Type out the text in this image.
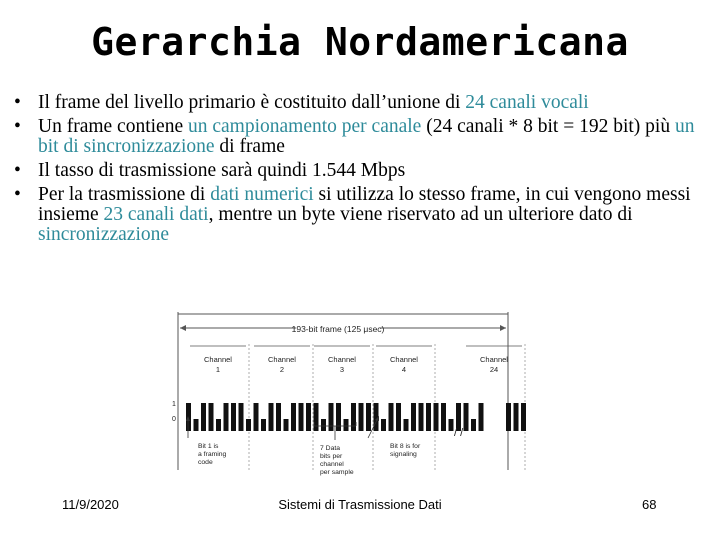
Gerarchia Nordamericana
• Il frame del livello primario è costituito dall’unione di 24 canali vocali
• Un frame contiene un campionamento per canale (24 canali * 8 bit = 192 bit) più un bit di sincronizzazione di frame
• Il tasso di trasmissione sarà quindi 1.544 Mbps
• Per la trasmissione di dati numerici si utilizza lo stesso frame, in cui vengono messi insieme 23 canali dati, mentre un byte viene riservato ad un ulteriore dato di sincronizzazione
193-bit frame (125 μsec)
Channel
1
Channel
2
Channel
3
Channel
4
Channel
24
1
0
/ /
Bit 1 is
a framing
code
7 Data
bits per
channel
per sample
Bit 8 is for
signaling
11/9/2020	Sistemi di Trasmissione Dati	68
